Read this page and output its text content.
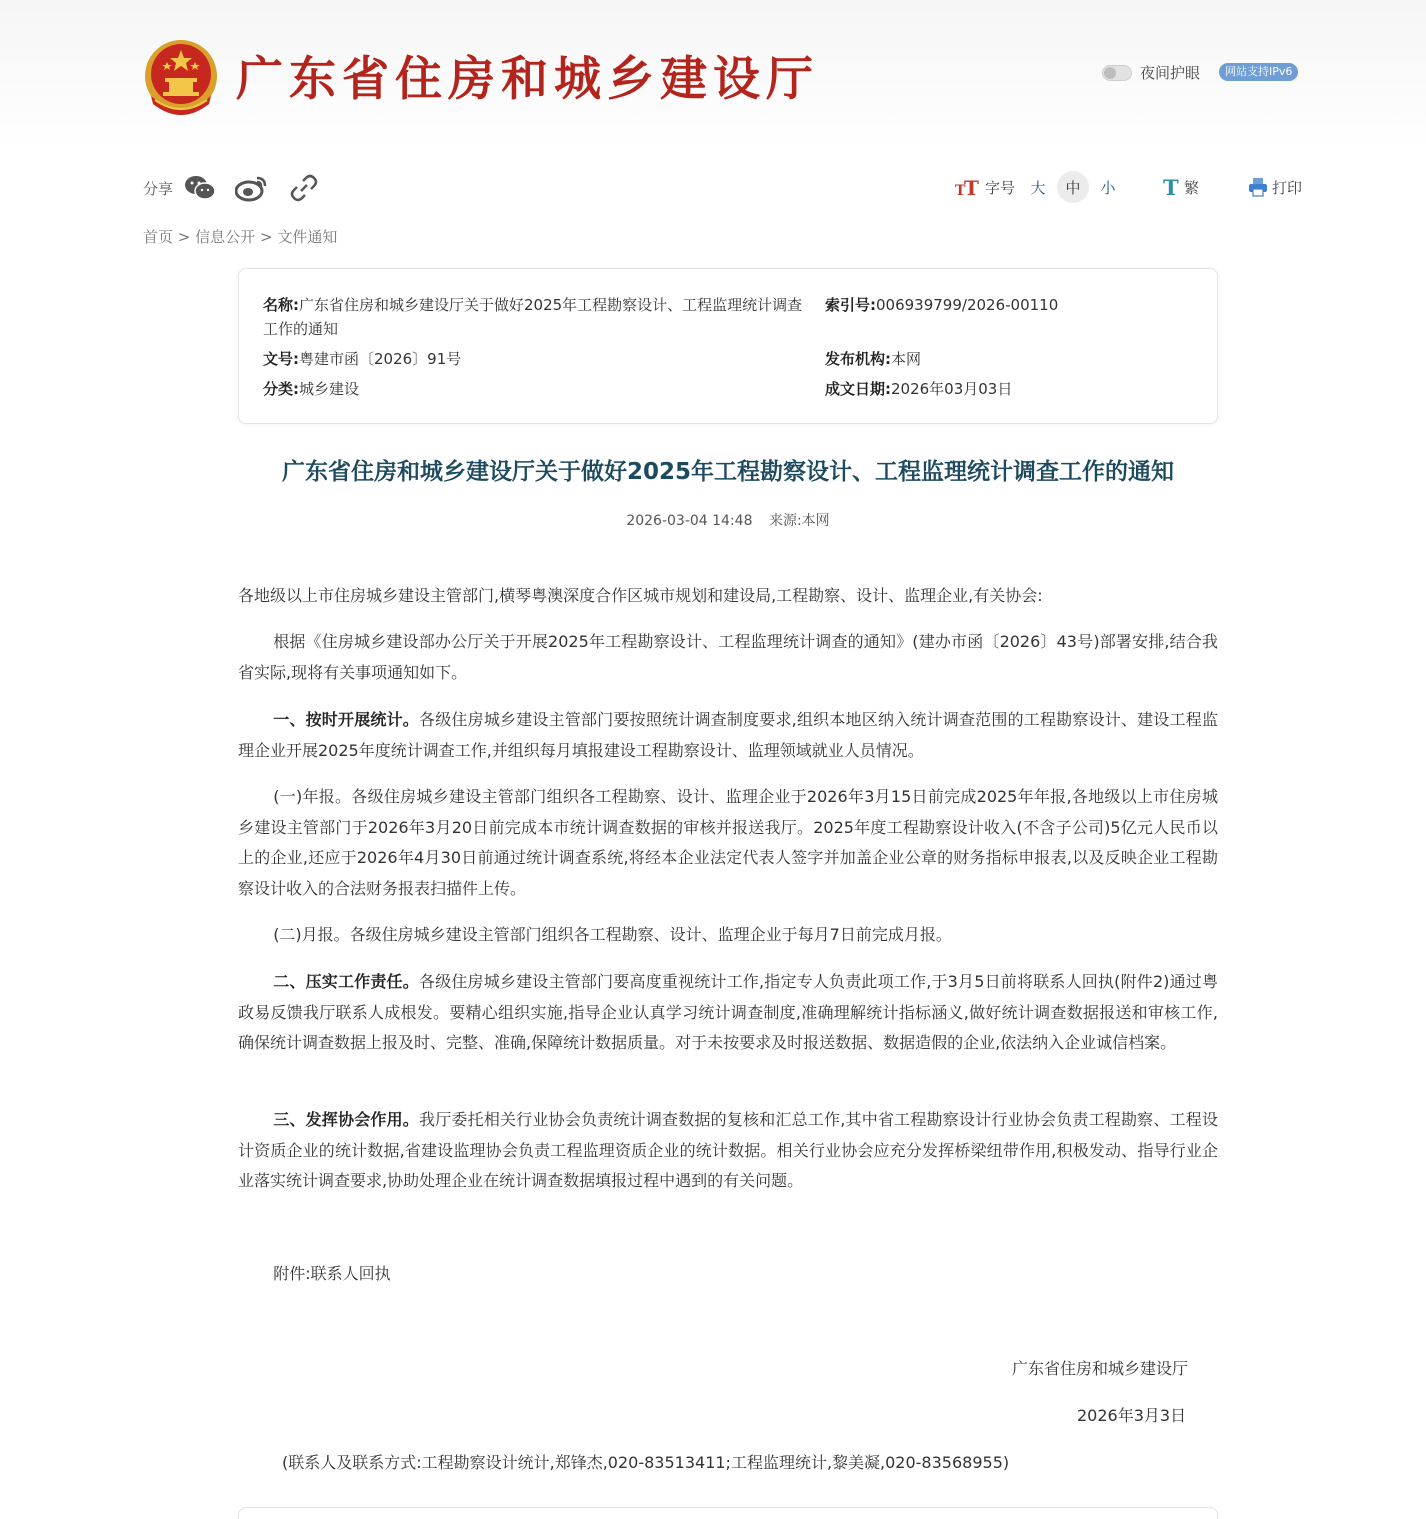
广东省住房和城乡建设厅	夜间护眼	网站支持IPv6
分享	T
T 字号	大	中	小	T 繁	打印
首页 > 信息公开 > 文件通知
名称:广东省住房和城乡建设厅关于做好2025年工程勘察设计、工程监理统计调查工作的通知
索引号:006939799/2026-00110
文号:粤建市函〔2026〕91号	发布机构:本网
分类:城乡建设	成文日期:2026年03月03日
广东省住房和城乡建设厅关于做好2025年工程勘察设计、工程监理统计调查工作的通知
2026-03-04 14:48 来源:本网

各地级以上市住房城乡建设主管部门,横琴粤澳深度合作区城市规划和建设局,工程勘察、设计、监理企业,有关协会:

根据《住房城乡建设部办公厅关于开展2025年工程勘察设计、工程监理统计调查的通知》(建办市函〔2026〕43号)部署安排,结合我省实际,现将有关事项通知如下。

一、按时开展统计。各级住房城乡建设主管部门要按照统计调查制度要求,组织本地区纳入统计调查范围的工程勘察设计、建设工程监理企业开展2025年度统计调查工作,并组织每月填报建设工程勘察设计、监理领域就业人员情况。

(一)年报。各级住房城乡建设主管部门组织各工程勘察、设计、监理企业于2026年3月15日前完成2025年年报,各地级以上市住房城乡建设主管部门于2026年3月20日前完成本市统计调查数据的审核并报送我厅。2025年度工程勘察设计收入(不含子公司)5亿元人民币以上的企业,还应于2026年4月30日前通过统计调查系统,将经本企业法定代表人签字并加盖企业公章的财务指标申报表,以及反映企业工程勘察设计收入的合法财务报表扫描件上传。

(二)月报。各级住房城乡建设主管部门组织各工程勘察、设计、监理企业于每月7日前完成月报。

二、压实工作责任。各级住房城乡建设主管部门要高度重视统计工作,指定专人负责此项工作,于3月5日前将联系人回执(附件2)通过粤政易反馈我厅联系人成根发。要精心组织实施,指导企业认真学习统计调查制度,准确理解统计指标涵义,做好统计调查数据报送和审核工作,确保统计调查数据上报及时、完整、准确,保障统计数据质量。对于未按要求及时报送数据、数据造假的企业,依法纳入企业诚信档案。

三、发挥协会作用。我厅委托相关行业协会负责统计调查数据的复核和汇总工作,其中省工程勘察设计行业协会负责工程勘察、工程设计资质企业的统计数据,省建设监理协会负责工程监理资质企业的统计数据。相关行业协会应充分发挥桥梁纽带作用,积极发动、指导行业企业落实统计调查要求,协助处理企业在统计调查数据填报过程中遇到的有关问题。

附件:联系人回执

广东省住房和城乡建设厅
2026年3月3日
(联系人及联系方式:工程勘察设计统计,郑锋杰,020-83513411;工程监理统计,黎美凝,020-83568955)
